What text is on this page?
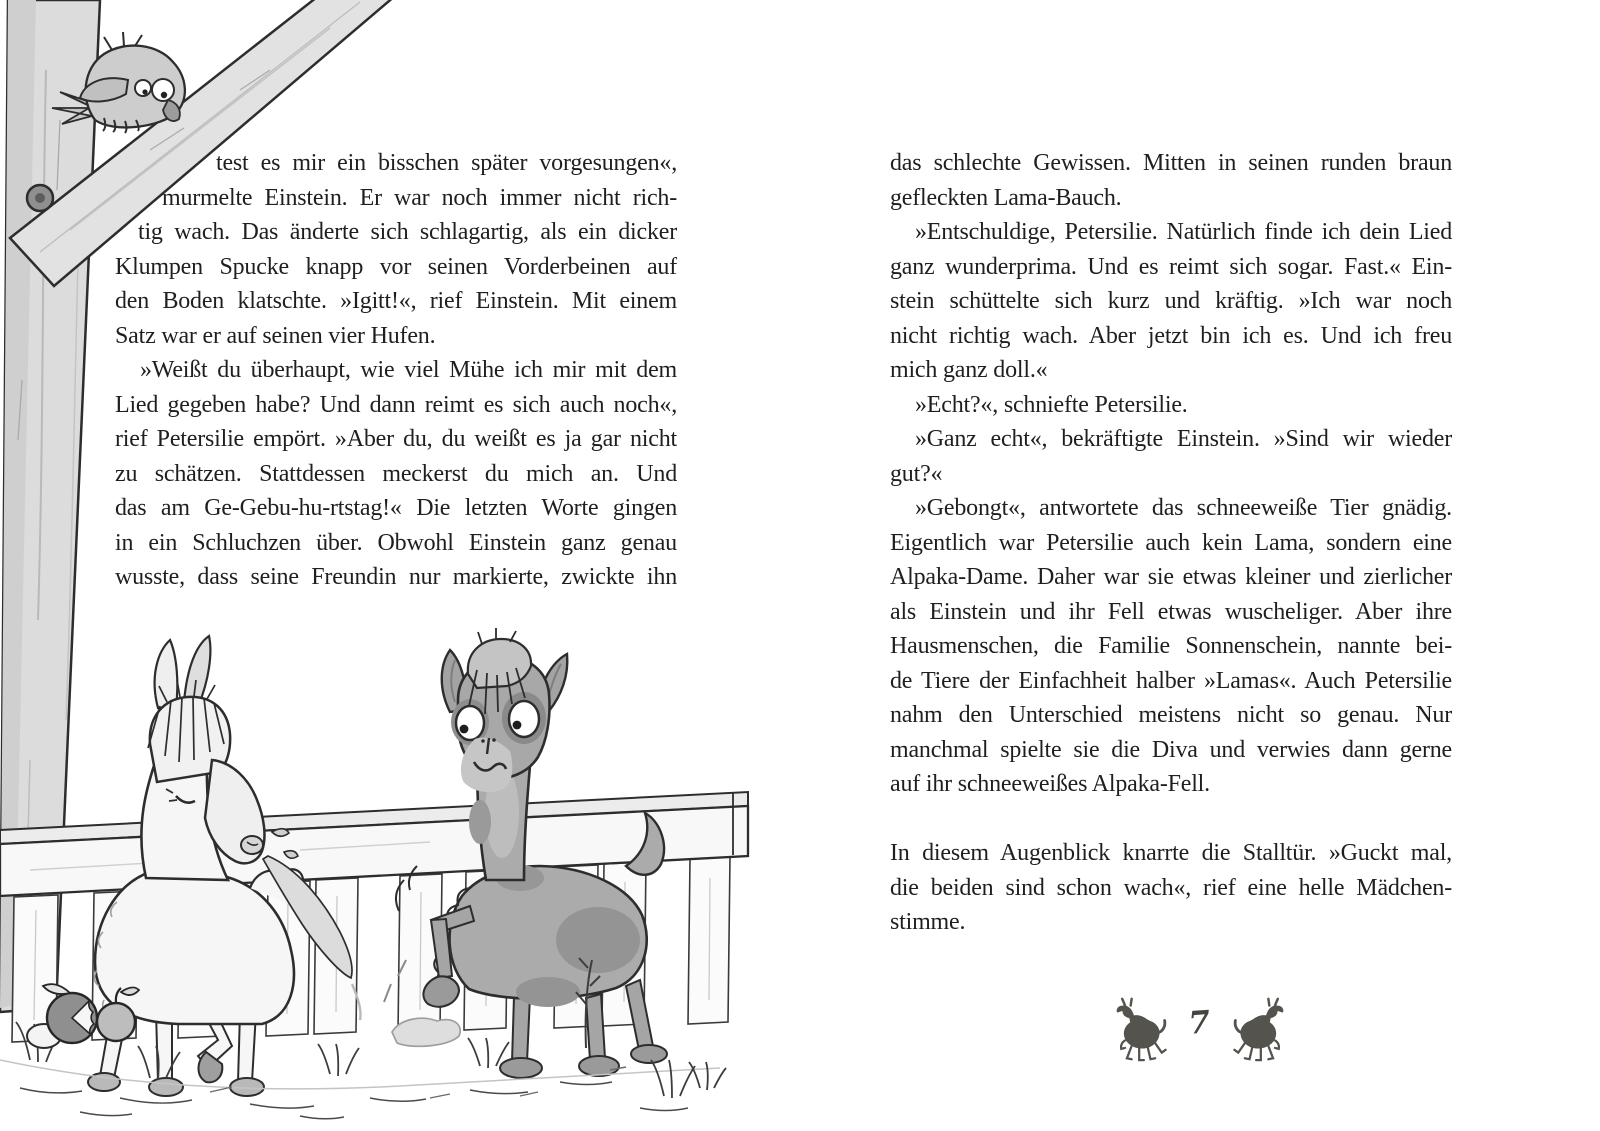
test es mir ein bisschen später vorgesungen«,
murmelte Einstein. Er war noch immer nicht rich-
tig wach. Das änderte sich schlagartig, als ein dicker
Klumpen Spucke knapp vor seinen Vorderbeinen auf
den Boden klatschte. »Igitt!«, rief Einstein. Mit einem
Satz war er auf seinen vier Hufen.
»Weißt du überhaupt, wie viel Mühe ich mir mit dem
Lied gegeben habe? Und dann reimt es sich auch noch«,
rief Petersilie empört. »Aber du, du weißt es ja gar nicht
zu schätzen. Stattdessen meckerst du mich an. Und
das am Ge-Gebu-hu-rtstag!« Die letzten Worte gingen
in ein Schluchzen über. Obwohl Einstein ganz genau
wusste, dass seine Freundin nur markierte, zwickte ihn
das schlechte Gewissen. Mitten in seinen runden braun
gefleckten Lama-Bauch.
»Entschuldige, Petersilie. Natürlich finde ich dein Lied
ganz wunderprima. Und es reimt sich sogar. Fast.« Ein-
stein schüttelte sich kurz und kräftig. »Ich war noch
nicht richtig wach. Aber jetzt bin ich es. Und ich freu
mich ganz doll.«
»Echt?«, schniefte Petersilie.
»Ganz echt«, bekräftigte Einstein. »Sind wir wieder
gut?«
»Gebongt«, antwortete das schneeweiße Tier gnädig.
Eigentlich war Petersilie auch kein Lama, sondern eine
Alpaka-Dame. Daher war sie etwas kleiner und zierlicher
als Einstein und ihr Fell etwas wuscheliger. Aber ihre
Hausmenschen, die Familie Sonnenschein, nannte bei-
de Tiere der Einfachheit halber »Lamas«. Auch Petersilie
nahm den Unterschied meistens nicht so genau. Nur
manchmal spielte sie die Diva und verwies dann gerne
auf ihr schneeweißes Alpaka-Fell.
In diesem Augenblick knarrte die Stalltür. »Guckt mal,
die beiden sind schon wach«, rief eine helle Mädchen-
stimme.
7
